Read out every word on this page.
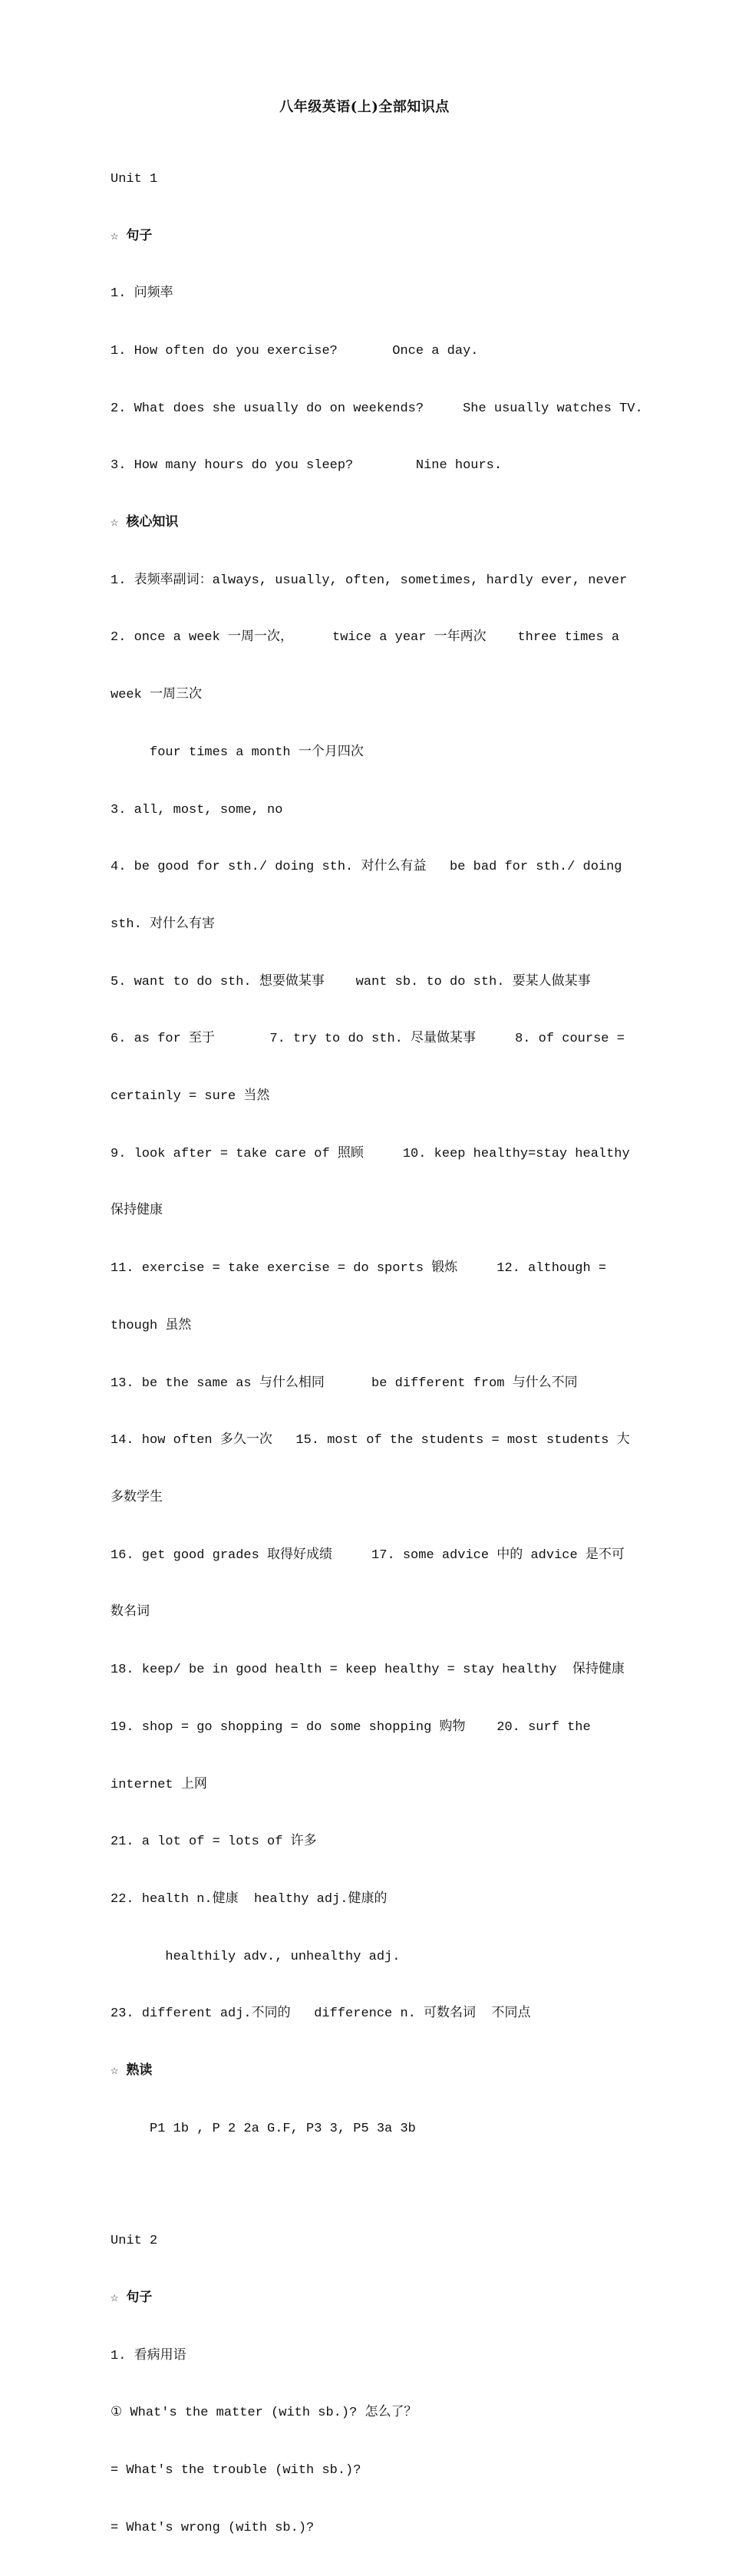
八年级英语(上)全部知识点

Unit 1

☆ 句子

1. 问频率

1. How often do you exercise?       Once a day.

2. What does she usually do on weekends?     She usually watches TV.

3. How many hours do you sleep?        Nine hours.

☆ 核心知识

1. 表频率副词：always, usually, often, sometimes, hardly ever, never

2. once a week 一周一次，     twice a year 一年两次    three times a

week 一周三次

four times a month 一个月四次

3. all, most, some, no

4. be good for sth./ doing sth. 对什么有益   be bad for sth./ doing

sth. 对什么有害

5. want to do sth. 想要做某事    want sb. to do sth. 要某人做某事

6. as for 至于       7. try to do sth. 尽量做某事     8. of course =

certainly = sure 当然

9. look after = take care of 照顾     10. keep healthy=stay healthy

保持健康

11. exercise = take exercise = do sports 锻炼     12. although =

though 虽然

13. be the same as 与什么相同      be different from 与什么不同

14. how often 多久一次   15. most of the students = most students 大

多数学生

16. get good grades 取得好成绩     17. some advice 中的 advice 是不可

数名词

18. keep/ be in good health = keep healthy = stay healthy  保持健康

19. shop = go shopping = do some shopping 购物    20. surf the

internet 上网

21. a lot of = lots of 许多

22. health n.健康  healthy adj.健康的

healthily adv., unhealthy adj.

23. different adj.不同的   difference n. 可数名词  不同点

☆ 熟读

P1 1b , P 2 2a G.F, P3 3, P5 3a 3b

Unit 2

☆ 句子

1. 看病用语

① What's the matter (with sb.)? 怎么了？

= What's the trouble (with sb.)?

= What's wrong (with sb.)?
